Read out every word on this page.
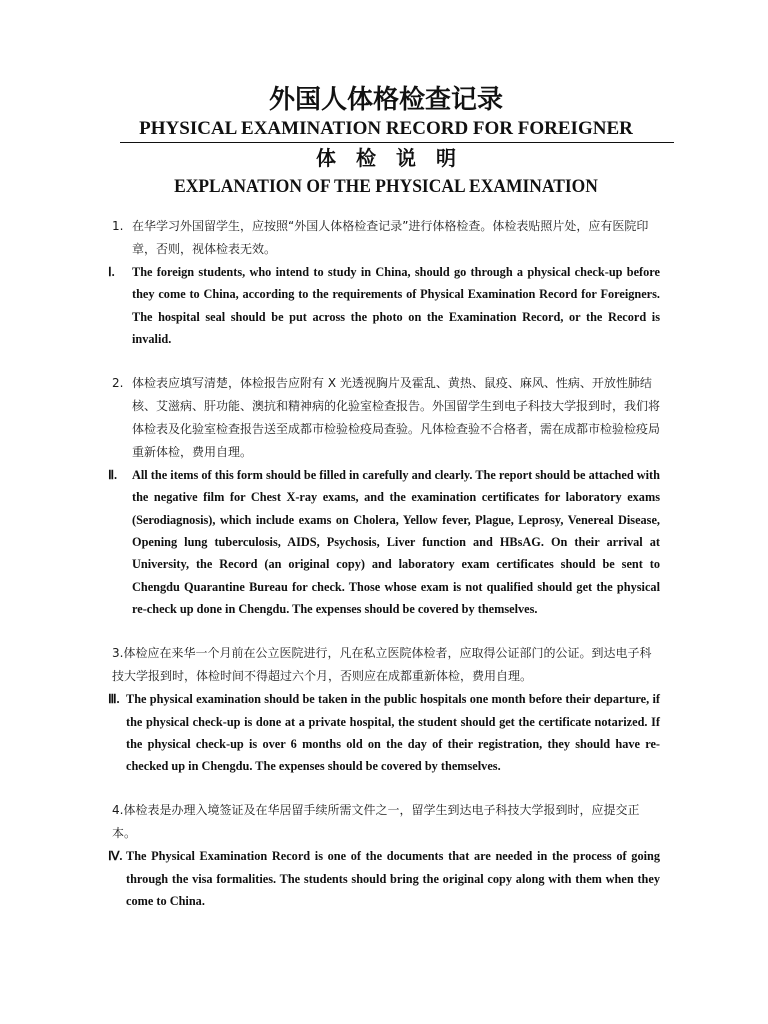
外国人体格检查记录
PHYSICAL EXAMINATION RECORD FOR FOREIGNER
体检说明
EXPLANATION OF THE PHYSICAL EXAMINATION
1. 在华学习外国留学生，应按照“外国人体格检查记录”进行体格检查。体检表贴照片处，应有医院印章，否则，视体检表无效。
Ⅰ.	The foreign students, who intend to study in China, should go through a physical check-up before they come to China, according to the requirements of Physical Examination Record for Foreigners. The hospital seal should be put across the photo on the Examination Record, or the Record is invalid.
2. 体检表应填写清楚，体检报告应附有 X 光透视胸片及霍乱、黄热、鼠疫、麻风、性病、开放性肺结核、艾滋病、肝功能、澳抗和精神病的化验室检查报告。外国留学生到电子科技大学报到时，我们将体检表及化验室检查报告送至成都市检验检疫局查验。凡体检查验不合格者，需在成都市检验检疫局重新体检，费用自理。
Ⅱ.	All the items of this form should be filled in carefully and clearly. The report should be attached with the negative film for Chest X-ray exams, and the examination certificates for laboratory exams (Serodiagnosis), which include exams on Cholera, Yellow fever, Plague, Leprosy, Venereal Disease, Opening lung tuberculosis, AIDS, Psychosis, Liver function and HBsAG. On their arrival at University, the Record (an original copy) and laboratory exam certificates should be sent to Chengdu Quarantine Bureau for check. Those whose exam is not qualified should get the physical re-check up done in Chengdu. The expenses should be covered by themselves.
3.体检应在来华一个月前在公立医院进行，凡在私立医院体检者，应取得公证部门的公证。到达电子科技大学报到时，体检时间不得超过六个月，否则应在成都重新体检，费用自理。
Ⅲ. The physical examination should be taken in the public hospitals one month before their departure, if the physical check-up is done at a private hospital, the student should get the certificate notarized. If the physical check-up is over 6 months old on the day of their registration, they should have re-checked up in Chengdu. The expenses should be covered by themselves.
4.体检表是办理入境签证及在华居留手续所需文件之一，留学生到达电子科技大学报到时，应提交正本。
Ⅳ. The Physical Examination Record is one of the documents that are needed in the process of going through the visa formalities. The students should bring the original copy along with them when they come to China.
